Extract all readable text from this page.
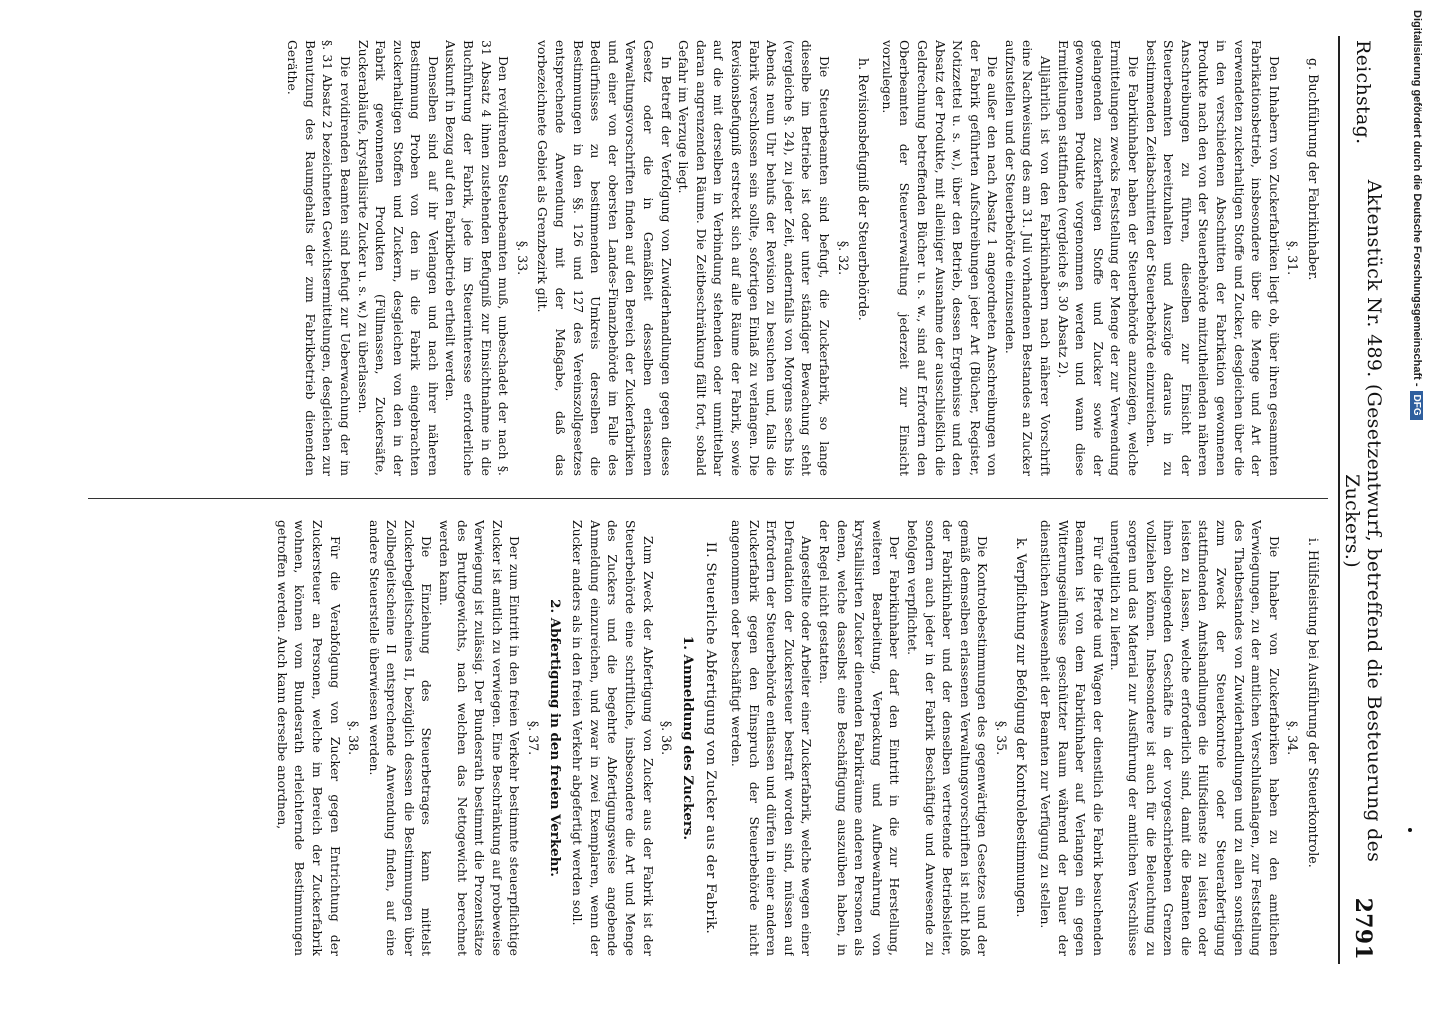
Reichstag.
Aktenstück Nr. 489. (Gesetzentwurf, betreffend die Besteuerung des Zuckers.)
2791
g. Buchführung der Fabrikinhaber.
§. 31.

Den Inhabern von Zuckerfabriken liegt ob, über ihren gesammten Fabrikationsbetrieb, insbesondere über die Menge und Art der verwendeten zuckerhaltigen Stoffe und Zucker, desgleichen über die in den verschiedenen Abschnitten der Fabrikation gewonnenen Produkte nach den von der Steuerbehörde mitzutheilenden näheren Anschreibungen zu führen, dieselben zur Einsicht der Steuerbeamten bereitzuhalten und Auszüge daraus in zu bestimmenden Zeitabschnitten der Steuerbehörde einzureichen.

Die Fabrikinhaber haben der Steuerbehörde anzuzeigen, welche Ermittelungen zwecks Feststellung der Menge der zur Verwendung gelangenden zuckerhaltigen Stoffe und Zucker sowie der gewonnenen Produkte vorgenommen werden und wann diese Ermittelungen stattfinden (vergleiche §. 30 Absatz 2).

Alljährlich ist von den Fabrikinhabern nach näherer Vorschrift eine Nachweisung des am 31. Juli vorhandenen Bestandes an Zucker aufzustellen und der Steuerbehörde einzusenden.

Die außer den nach Absatz 1 angeordneten Anschreibungen von der Fabrik geführten Aufschreibungen jeder Art (Bücher, Register, Notizzettel u. s. w.), über den Betrieb, dessen Ergebnisse und den Absatz der Produkte, mit alleiniger Ausnahme der ausschließlich die Geldrechnung betreffenden Bücher u. s. w., sind auf Erfordern den Oberbeamten der Steuerverwaltung jederzeit zur Einsicht vorzulegen.

h. Revisionsbefugniß der Steuerbehörde.
§. 32.

Die Steuerbeamten sind befugt, die Zuckerfabrik, so lange dieselbe im Betriebe ist oder unter ständiger Bewachung steht (vergleiche §. 24), zu jeder Zeit, andernfalls von Morgens sechs bis Abends neun Uhr behufs der Revision zu besuchen und, falls die Fabrik verschlossen sein sollte, sofortigen Einlaß zu verlangen. Die Revisionsbefugniß erstreckt sich auf alle Räume der Fabrik, sowie auf die mit derselben in Verbindung stehenden oder unmittelbar daran angrenzenden Räume. Die Zeitbeschränkung fällt fort, sobald Gefahr im Verzuge liegt.

In Betreff der Verfolgung von Zuwiderhandlungen gegen dieses Gesetz oder die in Gemäßheit desselben erlassenen Verwaltungsvorschriften finden auf den Bereich der Zuckerfabriken und einer von der obersten Landes-Finanzbehörde im Falle des Bedürfnisses zu bestimmenden Umkreis derselben die Bestimmungen in den §§. 126 und 127 des Vereinszollgesetzes entsprechende Anwendung mit der Maßgabe, daß das vorbezeichnete Gebiet als Grenzbezirk gilt.

§. 33.

Den revidirenden Steuerbeamten muß, unbeschadet der nach §. 31 Absatz 4 ihnen zustehenden Befugniß zur Einsichtnahme in die Buchführung der Fabrik, jede im Steuerinteresse erforderliche Auskunft in Bezug auf den Fabrikbetrieb ertheilt werden.

Denselben sind auf ihr Verlangen und nach ihrer näheren Bestimmung Proben von den in die Fabrik eingebrachten zuckerhaltigen Stoffen und Zuckern, desgleichen von den in der Fabrik gewonnenen Produkten (Füllmassen, Zuckersäfte, Zuckerabläufe, krystallisirte Zucker u. s. w.) zu überlassen.

Die revidirenden Beamten sind befugt zur Ueberwachung der im §. 31 Absatz 2 bezeichneten Gewichtsermittelungen, desgleichen zur Benutzung des Raumgehalts der zum Fabrikbetrieb dienenden Geräthe.

i. Hülfsleistung bei Ausführung der Steuerkontrole.
§. 34.

Die Inhaber von Zuckerfabriken haben zu den amtlichen Verwiegungen, zu der amtlichen Verschlußanlagen, zur Feststellung des Thatbestandes von Zuwiderhandlungen und zu allen sonstigen zum Zweck der Steuerkontrole oder Steuerabfertigung stattfindenden Amtshandlungen die Hülfsdienste zu leisten oder leisten zu lassen, welche erforderlich sind, damit die Beamten die ihnen obliegenden Geschäfte in der vorgeschriebenen Grenzen vollziehen können. Insbesondere ist auch für die Beleuchtung zu sorgen und das Material zur Ausführung der amtlichen Verschlüsse unentgeltlich zu liefern.

Für die Pferde und Wagen der dienstlich die Fabrik besuchenden Beamten ist von dem Fabrikinhaber auf Verlangen ein gegen Witterungseinflüsse geschützter Raum während der Dauer der dienstlichen Anwesenheit der Beamten zur Verfügung zu stellen.

k. Verpflichtung zur Befolgung der Kontrolebestimmungen.
§. 35.

Die Kontrolebestimmungen des gegenwärtigen Gesetzes und der gemäß demselben erlassenen Verwaltungsvorschriften ist nicht bloß der Fabrikinhaber und der denselben vertretende Betriebsleiter, sondern auch jeder in der Fabrik Beschäftigte und Anwesende zu befolgen verpflichtet.

Der Fabrikinhaber darf den Eintritt in die zur Herstellung, weiteren Bearbeitung, Verpackung und Aufbewahrung von krystallisirten Zucker dienenden Fabrikräume anderen Personen als denen, welche dasselbst eine Beschäftigung auszuüben haben, in der Regel nicht gestatten.

Angestellte oder Arbeiter einer Zuckerfabrik, welche wegen einer Defraudation der Zuckersteuer bestraft worden sind, müssen auf Erfordern der Steuerbehörde entlassen und dürfen in einer anderen Zuckerfabrik gegen den Einspruch der Steuerbehörde nicht angenommen oder beschäftigt werden.

II. Steuerliche Abfertigung von Zucker aus der Fabrik.
1. Anmeldung des Zuckers.
§. 36.

Zum Zweck der Abfertigung von Zucker aus der Fabrik ist der Steuerbehörde eine schriftliche, insbesondere die Art und Menge des Zuckers und die begehrte Abfertigungsweise angebende Anmeldung einzureichen, und zwar in zwei Exemplaren, wenn der Zucker anders als in den freien Verkehr abgefertigt werden soll.

2. Abfertigung in den freien Verkehr.
§. 37.

Der zum Eintritt in den freien Verkehr bestimmte steuerpflichtige Zucker ist amtlich zu verwiegen. Eine Beschränkung auf probeweise Verwiegung ist zulässig. Der Bundesrath bestimmt die Prozentsätze des Bruttogewichts, nach welchen das Nettogewicht berechnet werden kann.

Die Einziehung des Steuerbetrages kann mittelst Zuckerbegleitscheines II, bezüglich dessen die Bestimmungen über Zollbegleitscheine II entsprechende Anwendung finden, auf eine andere Steuerstelle überwiesen werden.

§. 38.

Für die Verabfolgung von Zucker gegen Entrichtung der Zuckersteuer an Personen, welche im Bereich der Zuckerfabrik wohnen, können vom Bundesrath erleichternde Bestimmungen getroffen werden. Auch kann derselbe anordnen,

Digitalisierung gefördert durch die Deutsche Forschungsgemeinschaft -
DFG
